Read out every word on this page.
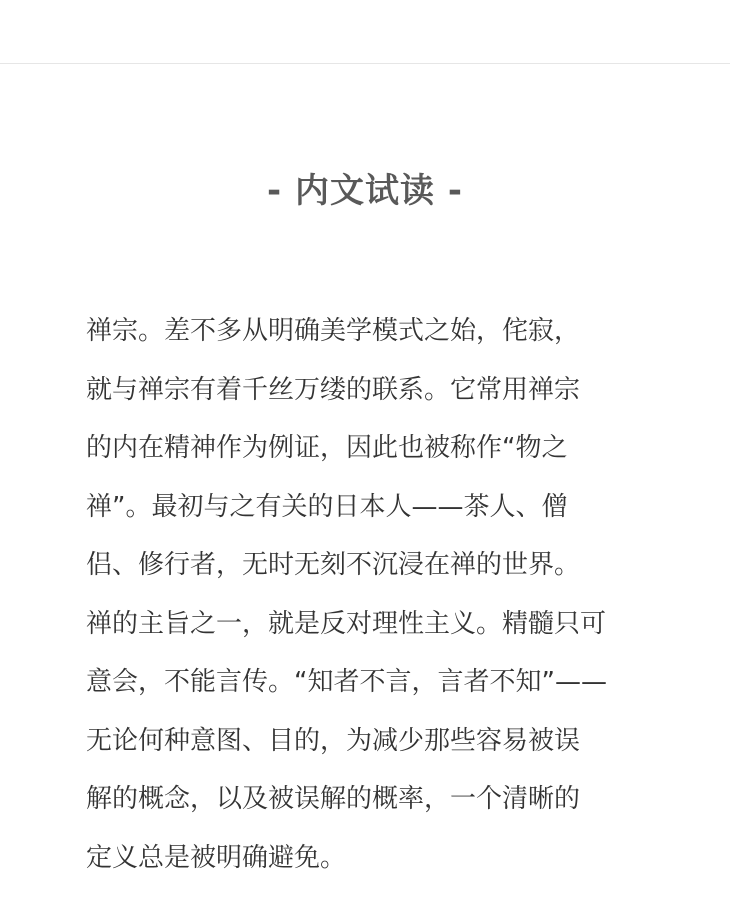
- 内文试读 -
禅宗。差不多从明确美学模式之始，侘寂，
就与禅宗有着千丝万缕的联系。它常用禅宗
的内在精神作为例证，因此也被称作“物之
禅”。最初与之有关的日本人——茶人、僧
侣、修行者，无时无刻不沉浸在禅的世界。
禅的主旨之一，就是反对理性主义。精髓只可
意会，不能言传。“知者不言，言者不知”——
无论何种意图、目的，为减少那些容易被误
解的概念，以及被误解的概率，一个清晰的
定义总是被明确避免。
